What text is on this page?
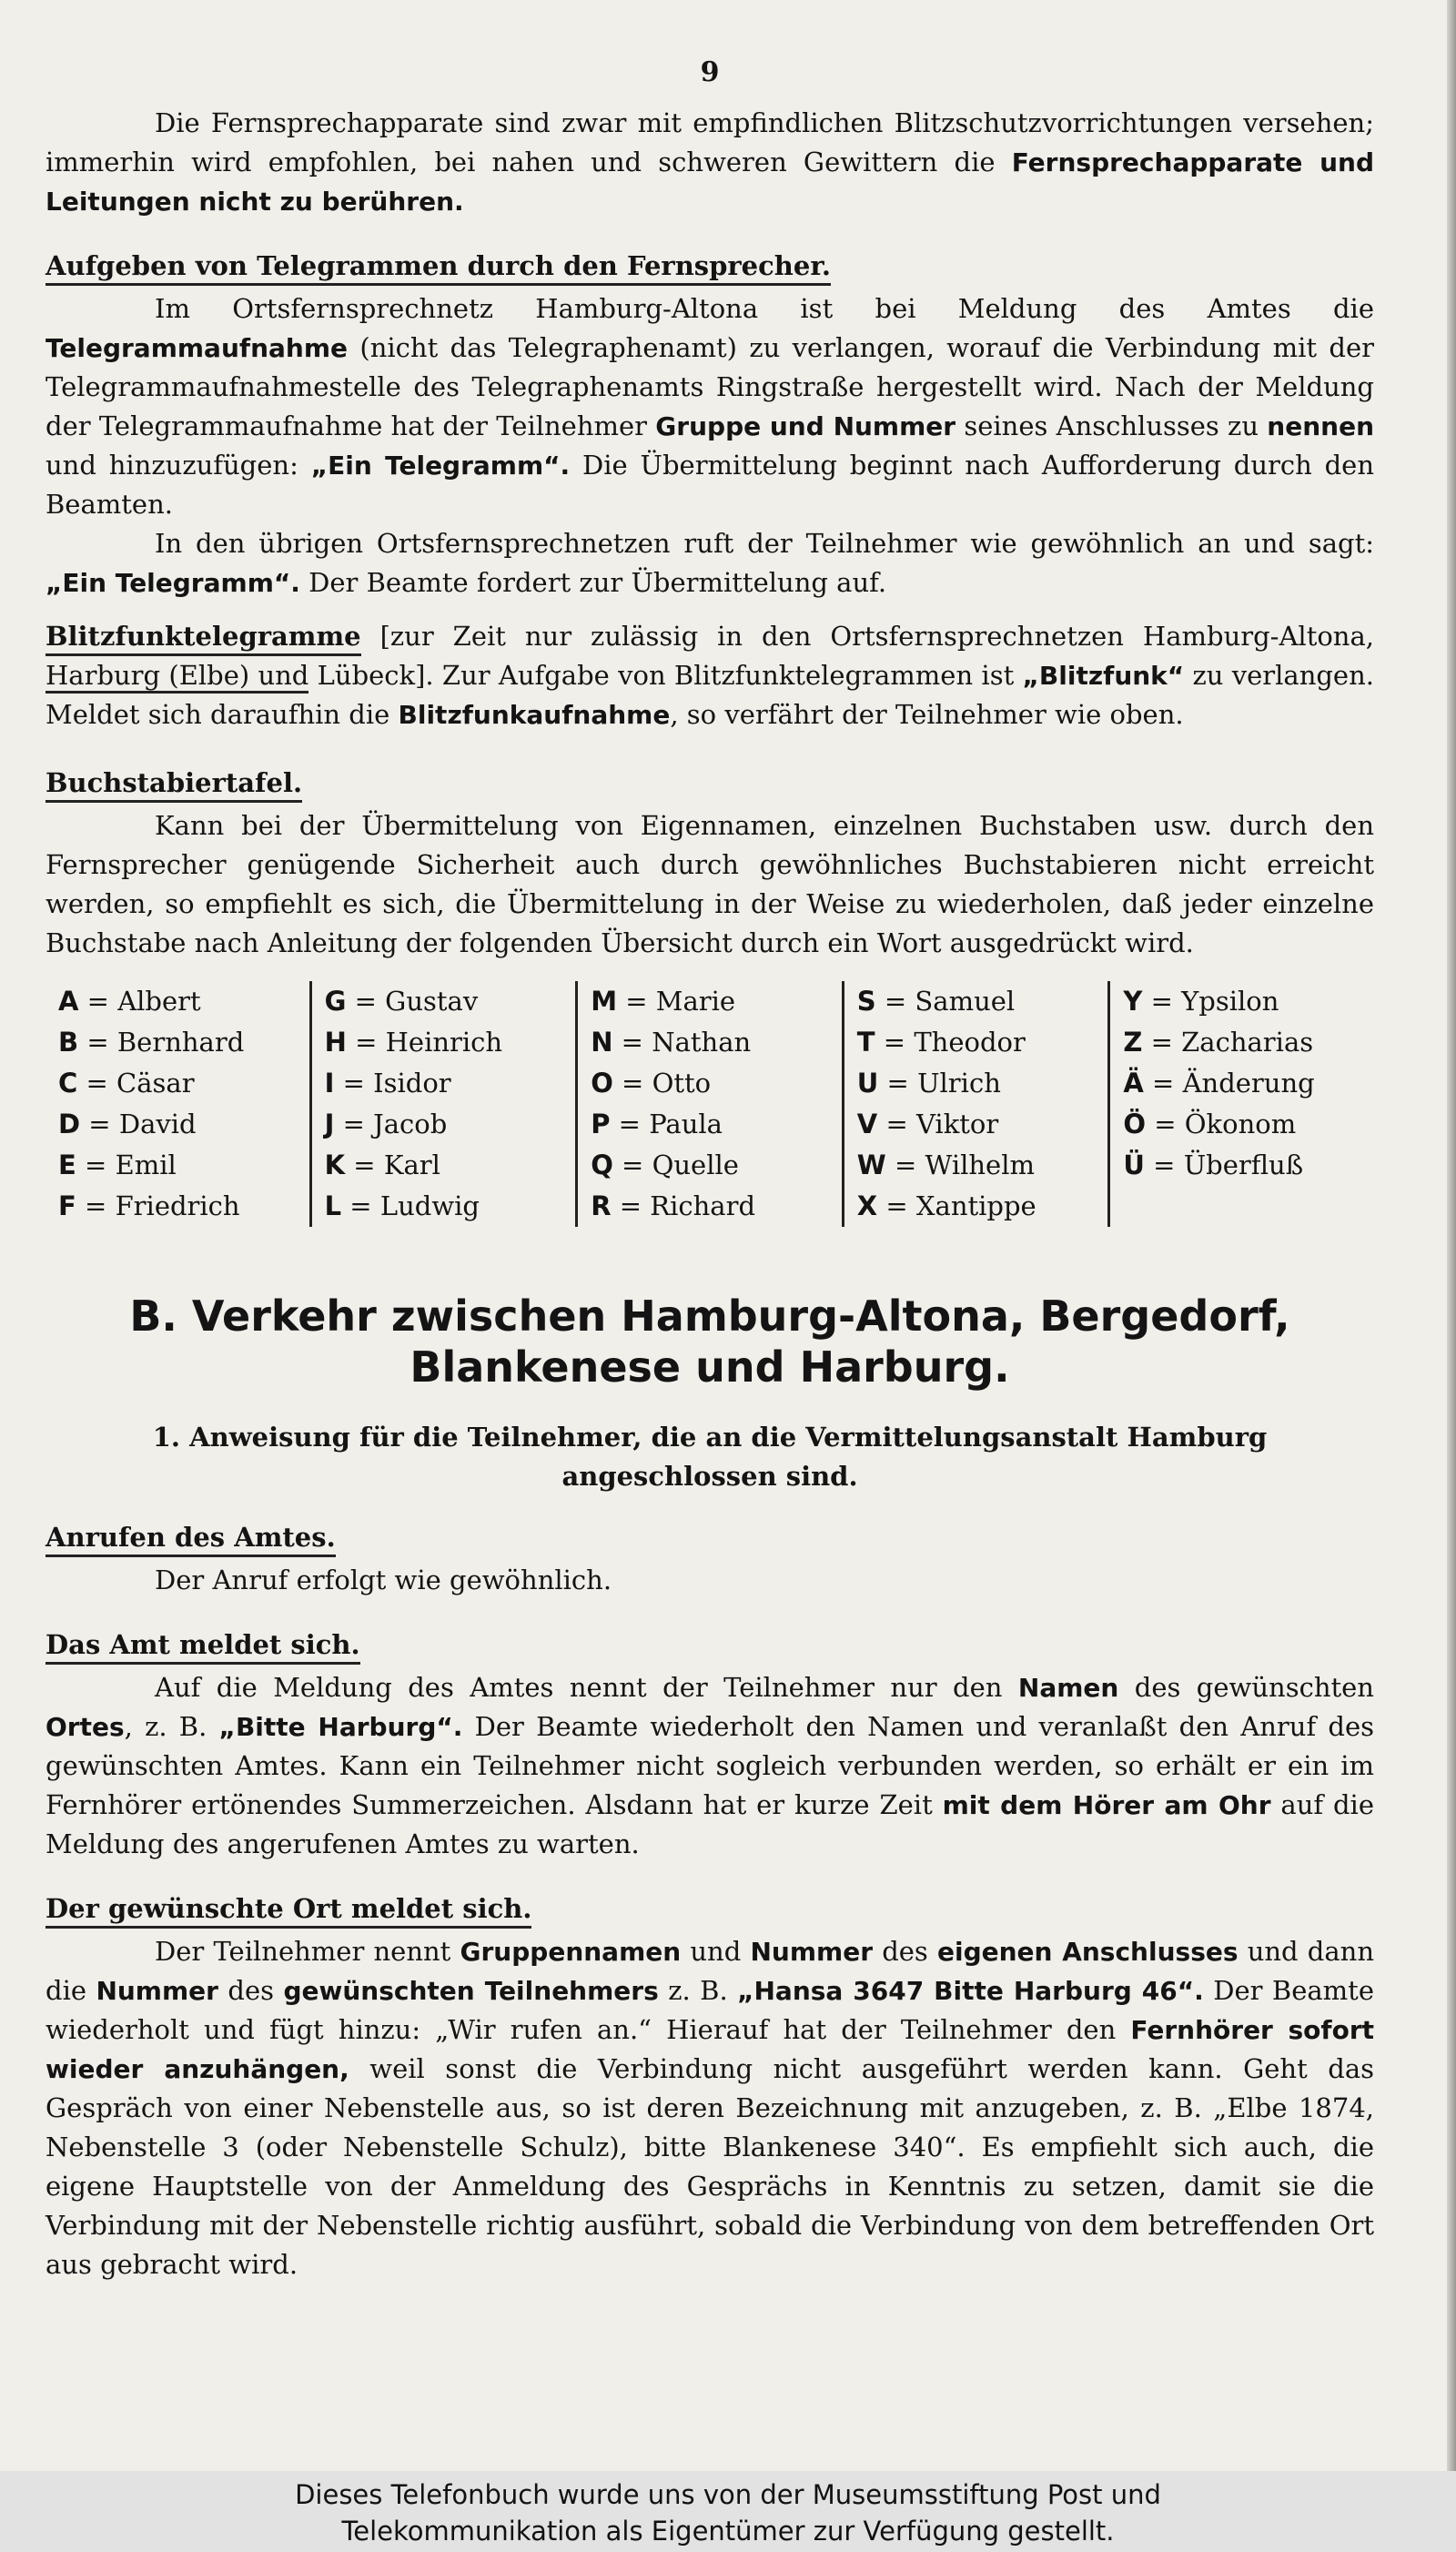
9

Die Fernsprechapparate sind zwar mit empfindlichen Blitzschutzvorrichtungen versehen; immerhin wird empfohlen, bei nahen und schweren Gewittern die Fernsprechapparate und Leitungen nicht zu berühren.

Aufgeben von Telegrammen durch den Fernsprecher.

Im Ortsfernsprechnetz Hamburg-Altona ist bei Meldung des Amtes die Telegrammaufnahme (nicht das Telegraphenamt) zu verlangen, worauf die Verbindung mit der Telegrammaufnahmestelle des Telegraphenamts Ringstraße hergestellt wird. Nach der Meldung der Telegrammaufnahme hat der Teilnehmer Gruppe und Nummer seines Anschlusses zu nennen und hinzuzufügen: „Ein Telegramm“. Die Übermittelung beginnt nach Aufforderung durch den Beamten.

In den übrigen Ortsfernsprechnetzen ruft der Teilnehmer wie gewöhnlich an und sagt: „Ein Telegramm“. Der Beamte fordert zur Übermittelung auf.

Blitzfunktelegramme [zur Zeit nur zulässig in den Ortsfernsprechnetzen Hamburg-Altona, Harburg (Elbe) und Lübeck]. Zur Aufgabe von Blitzfunktelegrammen ist „Blitzfunk“ zu verlangen. Meldet sich daraufhin die Blitzfunkaufnahme, so verfährt der Teilnehmer wie oben.

Buchstabiertafel.

Kann bei der Übermittelung von Eigennamen, einzelnen Buchstaben usw. durch den Fernsprecher genügende Sicherheit auch durch gewöhnliches Buchstabieren nicht erreicht werden, so empfiehlt es sich, die Übermittelung in der Weise zu wiederholen, daß jeder einzelne Buchstabe nach Anleitung der folgenden Übersicht durch ein Wort ausgedrückt wird.

A = Albert
B = Bernhard
C = Cäsar
D = David
E = Emil
F = Friedrich
G = Gustav
H = Heinrich
I = Isidor
J = Jacob
K = Karl
L = Ludwig
M = Marie
N = Nathan
O = Otto
P = Paula
Q = Quelle
R = Richard
S = Samuel
T = Theodor
U = Ulrich
V = Viktor
W = Wilhelm
X = Xantippe
Y = Ypsilon
Z = Zacharias
Ä = Änderung
Ö = Ökonom
Ü = Überfluß
B. Verkehr zwischen Hamburg-Altona, Bergedorf,
Blankenese und Harburg.
1. Anweisung für die Teilnehmer, die an die Vermittelungsanstalt Hamburg
angeschlossen sind.
Anrufen des Amtes.

Der Anruf erfolgt wie gewöhnlich.

Das Amt meldet sich.

Auf die Meldung des Amtes nennt der Teilnehmer nur den Namen des gewünschten Ortes, z. B. „Bitte Harburg“. Der Beamte wiederholt den Namen und veranlaßt den Anruf des gewünschten Amtes. Kann ein Teilnehmer nicht sogleich verbunden werden, so erhält er ein im Fernhörer ertönendes Summerzeichen. Alsdann hat er kurze Zeit mit dem Hörer am Ohr auf die Meldung des angerufenen Amtes zu warten.

Der gewünschte Ort meldet sich.

Der Teilnehmer nennt Gruppennamen und Nummer des eigenen Anschlusses und dann die Nummer des gewünschten Teilnehmers z. B. „Hansa 3647 Bitte Harburg 46“. Der Beamte wiederholt und fügt hinzu: „Wir rufen an.“ Hierauf hat der Teilnehmer den Fernhörer sofort wieder anzuhängen, weil sonst die Verbindung nicht ausgeführt werden kann. Geht das Gespräch von einer Nebenstelle aus, so ist deren Bezeichnung mit anzugeben, z. B. „Elbe 1874, Nebenstelle 3 (oder Nebenstelle Schulz), bitte Blankenese 340“. Es empfiehlt sich auch, die eigene Hauptstelle von der Anmeldung des Gesprächs in Kenntnis zu setzen, damit sie die Verbindung mit der Nebenstelle richtig ausführt, sobald die Verbindung von dem betreffenden Ort aus gebracht wird.

Dieses Telefonbuch wurde uns von der Museumsstiftung Post und
Telekommunikation als Eigentümer zur Verfügung gestellt.
